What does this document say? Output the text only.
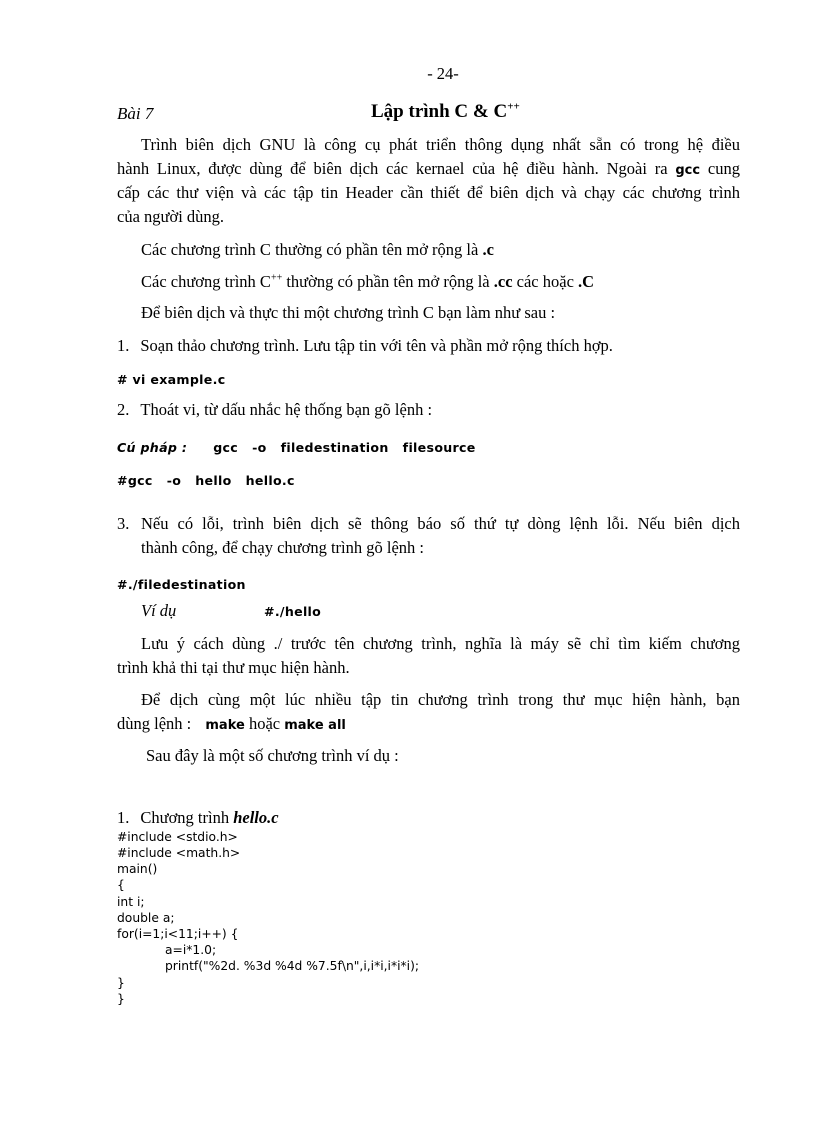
- 24-
Bài 7	Lập trình C & C++
Trình biên dịch GNU là công cụ phát triển thông dụng nhất sẵn có trong hệ điều
hành Linux, được dùng để biên dịch các kernael của hệ điều hành. Ngoài ra gcc cung
cấp các thư viện và các tập tin Header cần thiết để biên dịch và chạy các chương trình
của người dùng.
Các chương trình C thường có phần tên mở rộng là .c
Các chương trình C++ thường có phần tên mở rộng là .cc các hoặc .C
Để biên dịch và thực thi một chương trình C bạn làm như sau :
1. Soạn thảo chương trình. Lưu tập tin với tên và phần mở rộng thích hợp.
# vi example.c
2. Thoát vi, từ dấu nhắc hệ thống bạn gõ lệnh :
Cú pháp : gcc   -o   filedestination   filesource
#gcc   -o   hello   hello.c
3. Nếu có lỗi, trình biên dịch sẽ thông báo số thứ tự dòng lệnh lỗi. Nếu biên dịch
thành công, để chạy chương trình gõ lệnh :
#./filedestination
Ví dụ	#./hello
Lưu ý cách dùng ./ trước tên chương trình, nghĩa là máy sẽ chỉ tìm kiếm chương
trình khả thi tại thư mục hiện hành.
Để dịch cùng một lúc nhiều tập tin chương trình trong thư mục hiện hành, bạn
dùng lệnh : make hoặc make all
Sau đây là một số chương trình ví dụ :
1. Chương trình hello.c
#include <stdio.h>
#include <math.h>
main()
{
int i;
double a;
for(i=1;i<11;i++) {
a=i*1.0;
printf("%2d. %3d %4d %7.5f\n",i,i*i,i*i*i);
}
}
